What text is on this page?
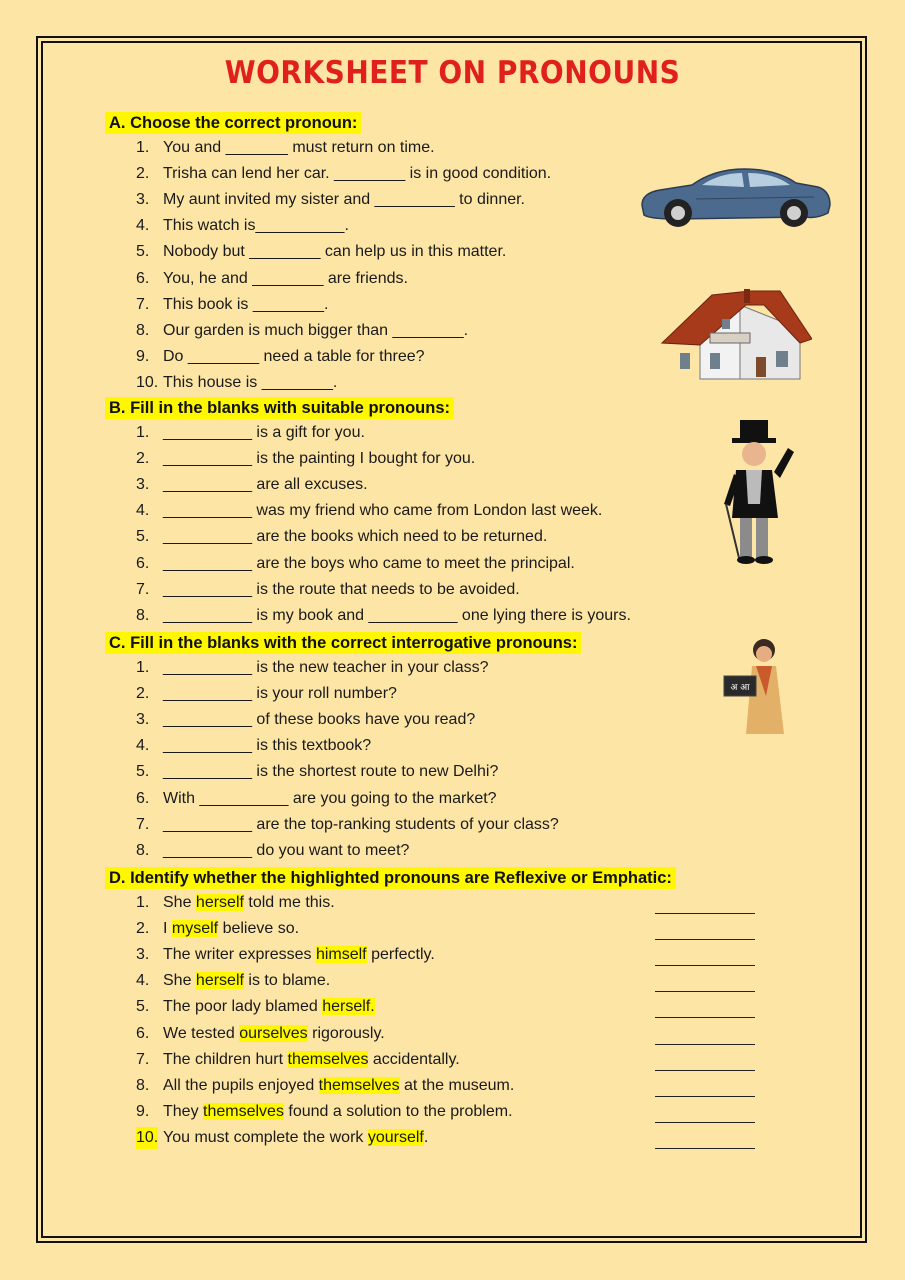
WORKSHEET ON PRONOUNS
A. Choose the correct pronoun:
1. You and _______ must return on time.
2. Trisha can lend her car. ________ is in good condition.
3. My aunt invited my sister and _________ to dinner.
4. This watch is__________.
5. Nobody but ________ can help us in this matter.
6. You, he and ________ are friends.
7. This book is ________.
8. Our garden is much bigger than ________.
9. Do ________ need a table for three?
10. This house is ________.
B. Fill in the blanks with suitable pronouns:
1. __________ is a gift for you.
2. __________ is the painting I bought for you.
3. __________ are all excuses.
4. __________ was my friend who came from London last week.
5. __________ are the books which need to be returned.
6. __________ are the boys who came to meet the principal.
7. __________ is the route that needs to be avoided.
8. __________ is my book and __________ one lying there is yours.
C. Fill in the blanks with the correct interrogative pronouns:
1. __________ is the new teacher in your class?
2. __________ is your roll number?
3. __________ of these books have you read?
4. __________ is this textbook?
5. __________ is the shortest route to new Delhi?
6. With __________ are you going to the market?
7. __________ are the top-ranking students of your class?
8. __________ do you want to meet?
D. Identify whether the highlighted pronouns are Reflexive or Emphatic:
1. She herself told me this.
2. I myself believe so.
3. The writer expresses himself perfectly.
4. She herself is to blame.
5. The poor lady blamed herself.
6. We tested ourselves rigorously.
7. The children hurt themselves accidentally.
8. All the pupils enjoyed themselves at the museum.
9. They themselves found a solution to the problem.
10. You must complete the work yourself.
अ आ
